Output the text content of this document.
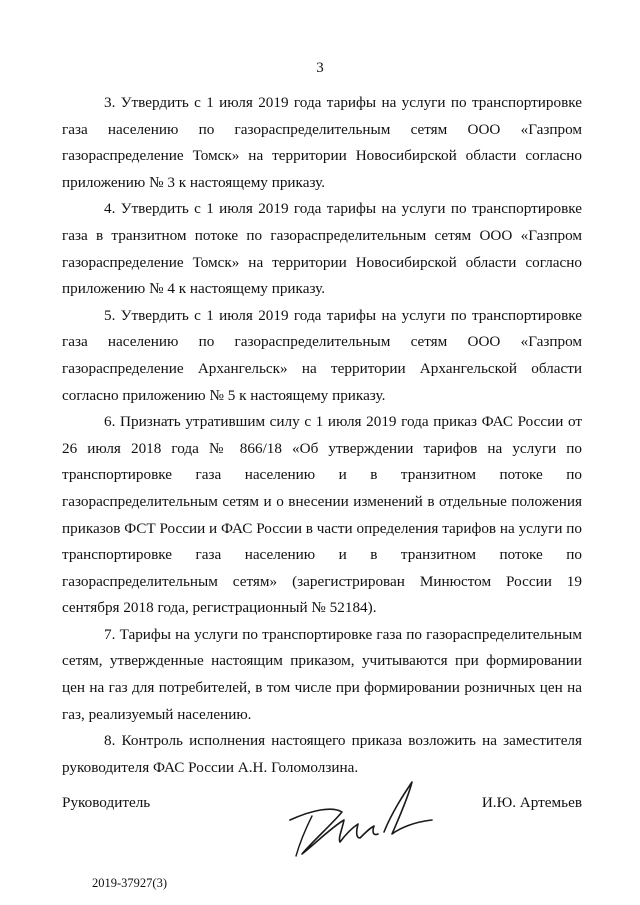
3

3. Утвердить с 1 июля 2019 года тарифы на услуги по транспортировке газа населению по газораспределительным сетям ООО «Газпром газораспределение Томск» на территории Новосибирской области согласно приложению № 3 к настоящему приказу.

4. Утвердить с 1 июля 2019 года тарифы на услуги по транспортировке газа в транзитном потоке по газораспределительным сетям ООО «Газпром газораспределение Томск» на территории Новосибирской области согласно приложению № 4 к настоящему приказу.

5. Утвердить с 1 июля 2019 года тарифы на услуги по транспортировке газа населению по газораспределительным сетям ООО «Газпром газораспределение Архангельск» на территории Архангельской области согласно приложению № 5 к настоящему приказу.

6. Признать утратившим силу с 1 июля 2019 года приказ ФАС России от 26 июля 2018 года № 866/18 «Об утверждении тарифов на услуги по транспортировке газа населению и в транзитном потоке по газораспределительным сетям и о внесении изменений в отдельные положения приказов ФСТ России и ФАС России в части определения тарифов на услуги по транспортировке газа населению и в транзитном потоке по газораспределительным сетям» (зарегистрирован Минюстом России 19 сентября 2018 года, регистрационный № 52184).

7. Тарифы на услуги по транспортировке газа по газораспределительным сетям, утвержденные настоящим приказом, учитываются при формировании цен на газ для потребителей, в том числе при формировании розничных цен на газ, реализуемый населению.

8. Контроль исполнения настоящего приказа возложить на заместителя руководителя ФАС России А.Н. Голомолзина.

Руководитель	И.Ю. Артемьев
2019-37927(3)
